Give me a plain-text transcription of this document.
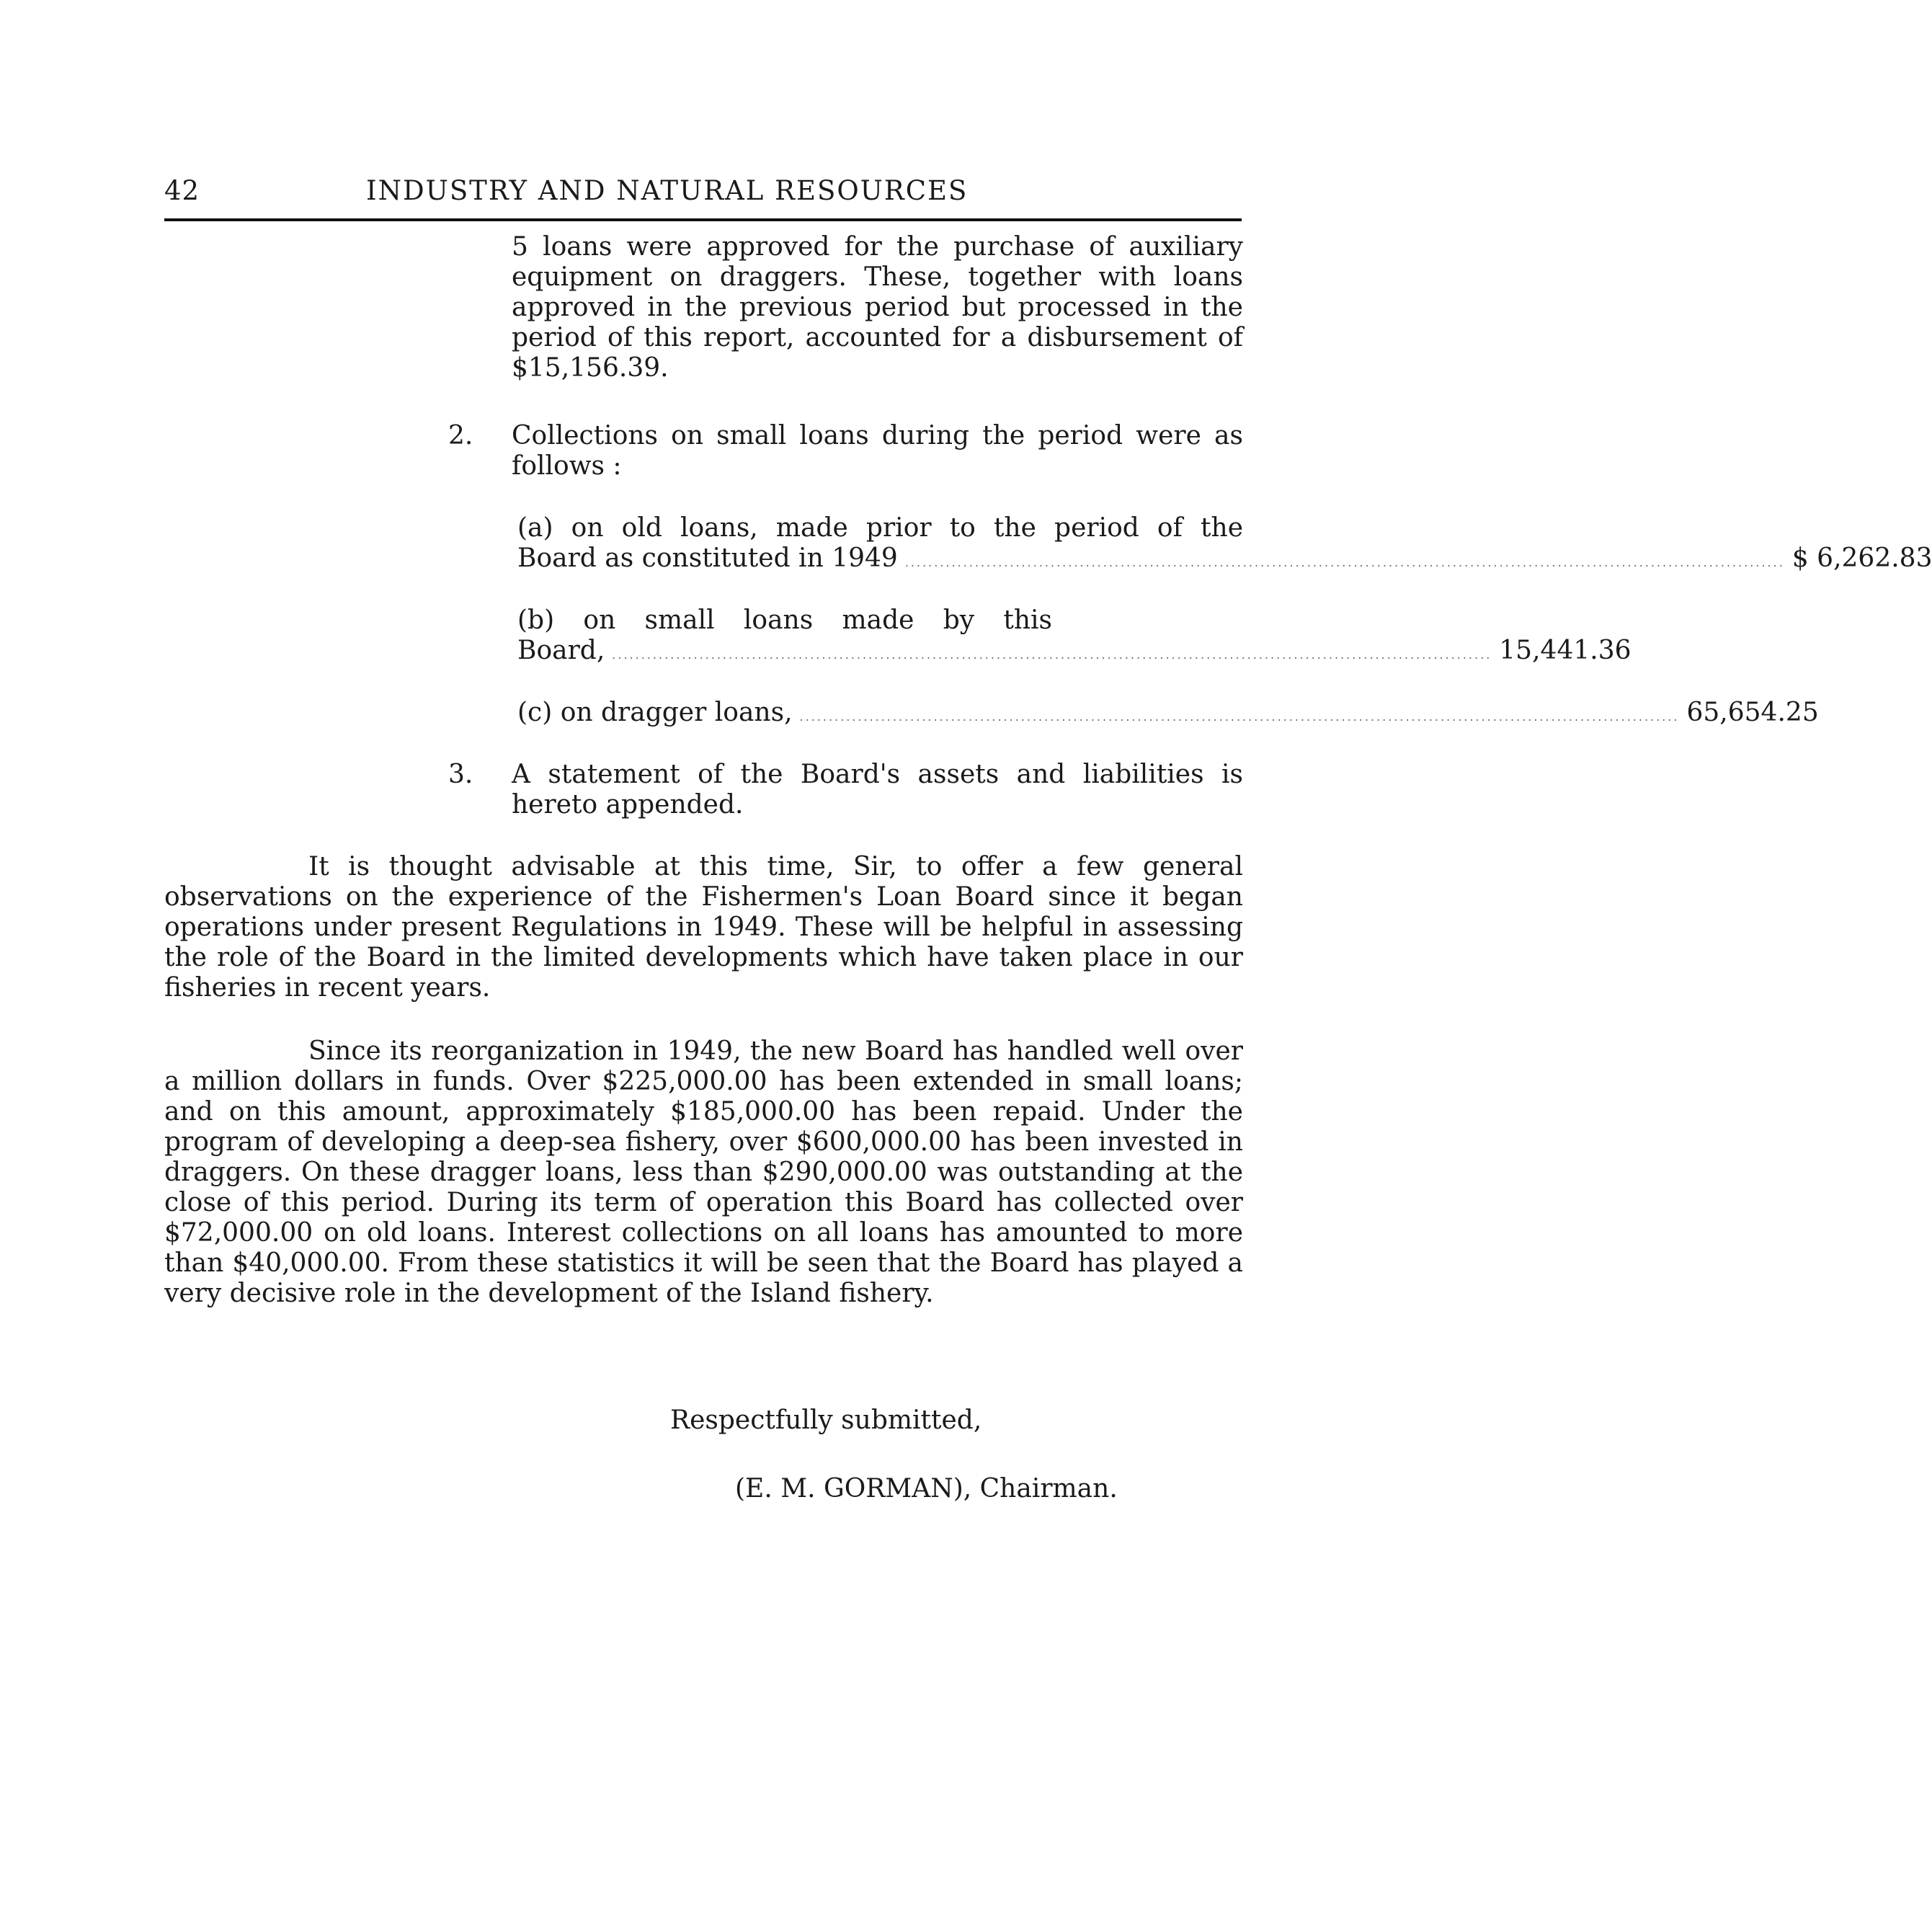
42	INDUSTRY AND NATURAL RESOURCES

5 loans were approved for the purchase of auxiliary equipment on draggers. These, together with loans approved in the previous period but processed in the period of this report, accounted for a disbursement of $15,156.39.

2. Collections on small loans during the period were as follows :

(a) on old loans, made prior to the period of the

Board as constituted in 1949 ....................................................................................................................................................... $ 6,262.83

(b) on small loans made by this

Board, ....................................................................................................................................................... 15,441.36
(c) on dragger loans, ....................................................................................................................................................... 65,654.25
3. A statement of the Board's assets and liabilities is hereto appended.

It is thought advisable at this time, Sir, to offer a few general observations on the experience of the Fishermen's Loan Board since it began operations under present Regulations in 1949. These will be helpful in assessing the role of the Board in the limited developments which have taken place in our fisheries in recent years.

Since its reorganization in 1949, the new Board has handled well over a million dollars in funds. Over $225,000.00 has been extended in small loans; and on this amount, approximately $185,000.00 has been repaid. Under the program of developing a deep-sea fishery, over $600,000.00 has been invested in draggers. On these dragger loans, less than $290,000.00 was outstanding at the close of this period. During its term of operation this Board has collected over $72,000.00 on old loans. Interest collections on all loans has amounted to more than $40,000.00. From these statistics it will be seen that the Board has played a very decisive role in the development of the Island fishery.

Respectfully submitted,
(E. M. GORMAN), Chairman.
